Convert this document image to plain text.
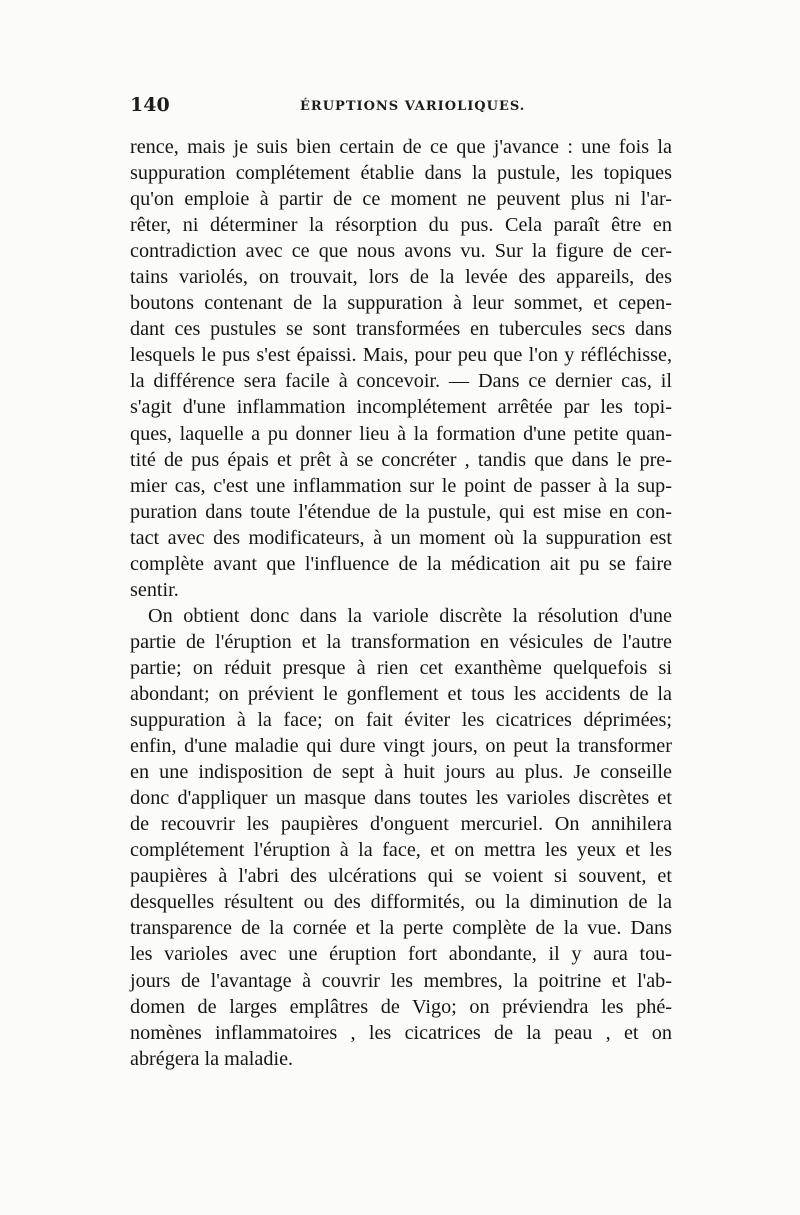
140	ÉRUPTIONS VARIOLIQUES.
rence, mais je suis bien certain de ce que j'avance : une fois la
suppuration complétement établie dans la pustule, les topiques
qu'on emploie à partir de ce moment ne peuvent plus ni l'ar-
rêter, ni déterminer la résorption du pus. Cela paraît être en
contradiction avec ce que nous avons vu. Sur la figure de cer-
tains variolés, on trouvait, lors de la levée des appareils, des
boutons contenant de la suppuration à leur sommet, et cepen-
dant ces pustules se sont transformées en tubercules secs dans
lesquels le pus s'est épaissi. Mais, pour peu que l'on y réfléchisse,
la différence sera facile à concevoir. — Dans ce dernier cas, il
s'agit d'une inflammation incomplétement arrêtée par les topi-
ques, laquelle a pu donner lieu à la formation d'une petite quan-
tité de pus épais et prêt à se concréter , tandis que dans le pre-
mier cas, c'est une inflammation sur le point de passer à la sup-
puration dans toute l'étendue de la pustule, qui est mise en con-
tact avec des modificateurs, à un moment où la suppuration est
complète avant que l'influence de la médication ait pu se faire
sentir.
On obtient donc dans la variole discrète la résolution d'une
partie de l'éruption et la transformation en vésicules de l'autre
partie; on réduit presque à rien cet exanthème quelquefois si
abondant; on prévient le gonflement et tous les accidents de la
suppuration à la face; on fait éviter les cicatrices déprimées;
enfin, d'une maladie qui dure vingt jours, on peut la transformer
en une indisposition de sept à huit jours au plus. Je conseille
donc d'appliquer un masque dans toutes les varioles discrètes et
de recouvrir les paupières d'onguent mercuriel. On annihilera
complétement l'éruption à la face, et on mettra les yeux et les
paupières à l'abri des ulcérations qui se voient si souvent, et
desquelles résultent ou des difformités, ou la diminution de la
transparence de la cornée et la perte complète de la vue. Dans
les varioles avec une éruption fort abondante, il y aura tou-
jours de l'avantage à couvrir les membres, la poitrine et l'ab-
domen de larges emplâtres de Vigo; on préviendra les phé-
nomènes inflammatoires , les cicatrices de la peau , et on
abrégera la maladie.
